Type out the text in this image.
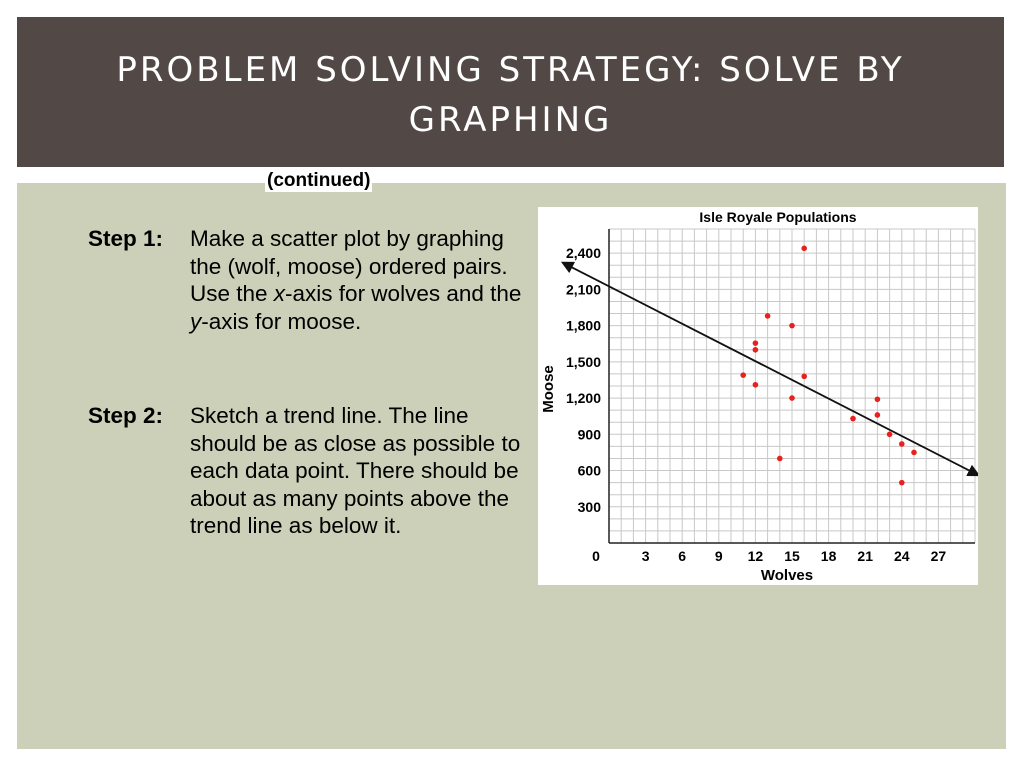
PROBLEM SOLVING STRATEGY: SOLVE BY GRAPHING
(continued)
Step 1:	Make a scatter plot by graphing the (wolf, moose) ordered pairs. Use the x-axis for wolves and the y-axis for moose.
Step 2:	Sketch a trend line. The line should be as close as possible to each data point. There should be about as many points above the trend line as below it.
Isle Royale Populations
0	3 6 9 12 15 18 21 24 27
300
600
900
1,200
1,500
1,800
2,100
2,400
Wolves
Moose
